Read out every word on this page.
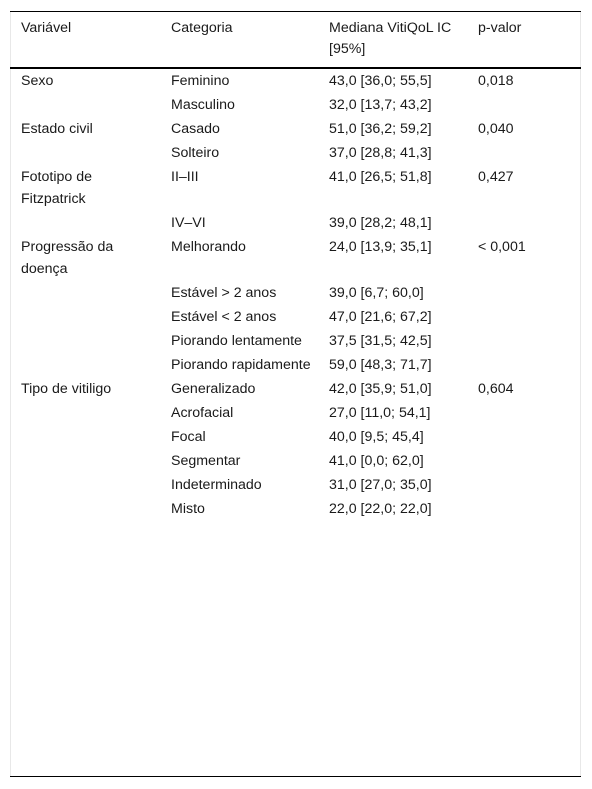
Variável	Categoria	Mediana VitiQoL IC [95%]	p-valor
Sexo	Feminino	43,0 [36,0; 55,5]	0,018
	Masculino	32,0 [13,7; 43,2]	
Estado civil	Casado	51,0 [36,2; 59,2]	0,040
	Solteiro	37,0 [28,8; 41,3]	
Fototipo de Fitzpatrick	II–III	41,0 [26,5; 51,8]	0,427
	IV–VI	39,0 [28,2; 48,1]	
Progressão da doença	Melhorando	24,0 [13,9; 35,1]	< 0,001
	Estável > 2 anos	39,0 [6,7; 60,0]	
	Estável < 2 anos	47,0 [21,6; 67,2]	
	Piorando lentamente	37,5 [31,5; 42,5]	
	Piorando rapidamente	59,0 [48,3; 71,7]	
Tipo de vitiligo	Generalizado	42,0 [35,9; 51,0]	0,604
	Acrofacial	27,0 [11,0; 54,1]	
	Focal	40,0 [9,5; 45,4]	
	Segmentar	41,0 [0,0; 62,0]	
	Indeterminado	31,0 [27,0; 35,0]	
	Misto	22,0 [22,0; 22,0]	
